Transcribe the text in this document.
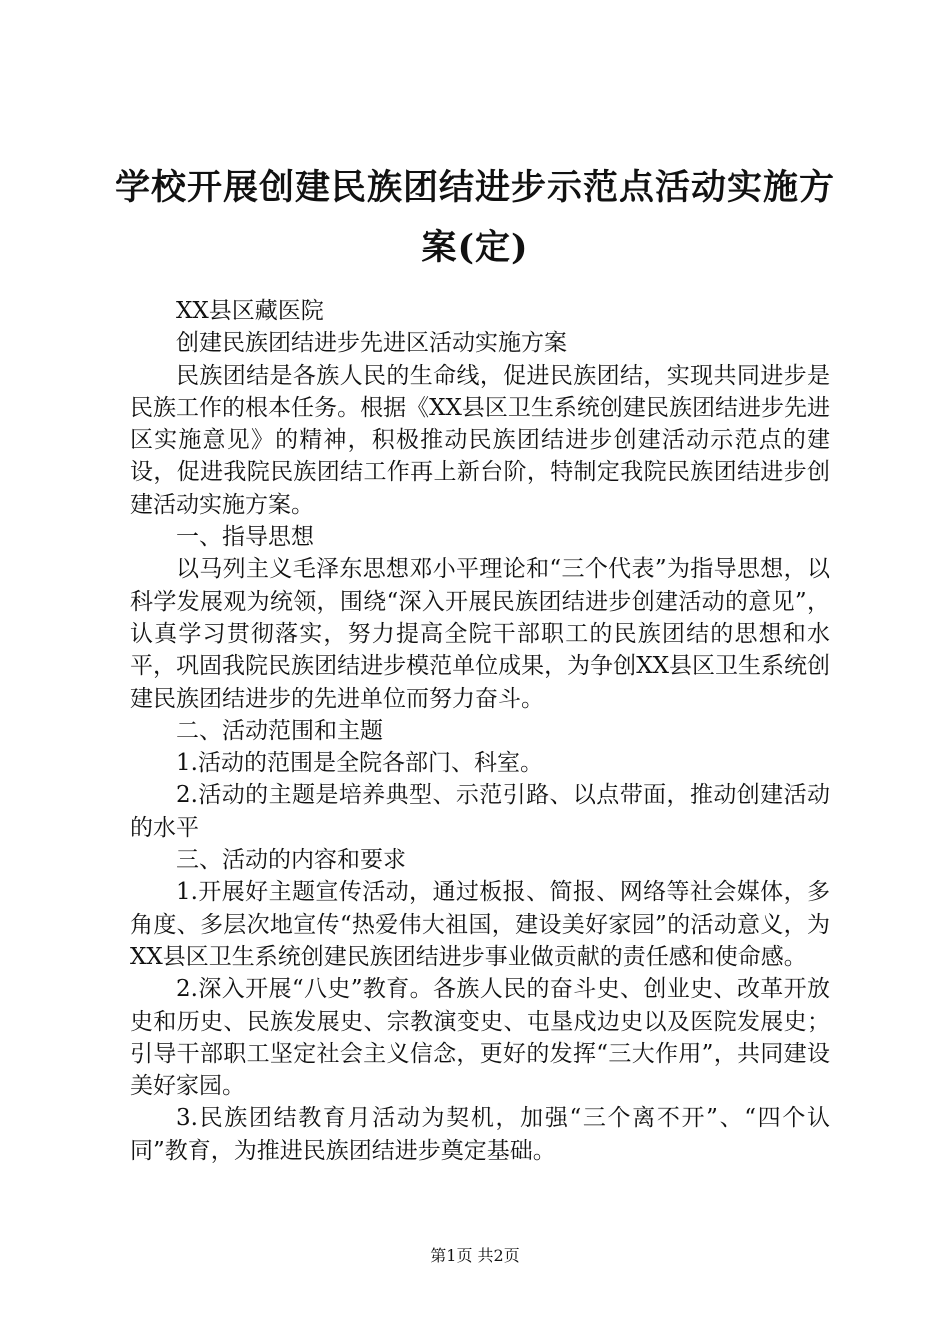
学校开展创建民族团结进步示范点活动实施方案(定)

XX县区藏医院

创建民族团结进步先进区活动实施方案

民族团结是各族人民的生命线，促进民族团结，实现共同进步是民族工作的根本任务。根据《XX县区卫生系统创建民族团结进步先进区实施意见》的精神，积极推动民族团结进步创建活动示范点的建设，促进我院民族团结工作再上新台阶，特制定我院民族团结进步创建活动实施方案。

一、指导思想

以马列主义毛泽东思想邓小平理论和“三个代表”为指导思想，以科学发展观为统领，围绕“深入开展民族团结进步创建活动的意见”，认真学习贯彻落实，努力提高全院干部职工的民族团结的思想和水平，巩固我院民族团结进步模范单位成果，为争创XX县区卫生系统创建民族团结进步的先进单位而努力奋斗。

二、活动范围和主题

1.活动的范围是全院各部门、科室。

2.活动的主题是培养典型、示范引路、以点带面，推动创建活动的水平

三、活动的内容和要求

1.开展好主题宣传活动，通过板报、简报、网络等社会媒体，多角度、多层次地宣传“热爱伟大祖国，建设美好家园”的活动意义，为XX县区卫生系统创建民族团结进步事业做贡献的责任感和使命感。

2.深入开展“八史”教育。各族人民的奋斗史、创业史、改革开放史和历史、民族发展史、宗教演变史、屯垦戍边史以及医院发展史；引导干部职工坚定社会主义信念，更好的发挥“三大作用”，共同建设美好家园。

3.民族团结教育月活动为契机，加强“三个离不开”、“四个认同”教育，为推进民族团结进步奠定基础。

第1页 共2页
